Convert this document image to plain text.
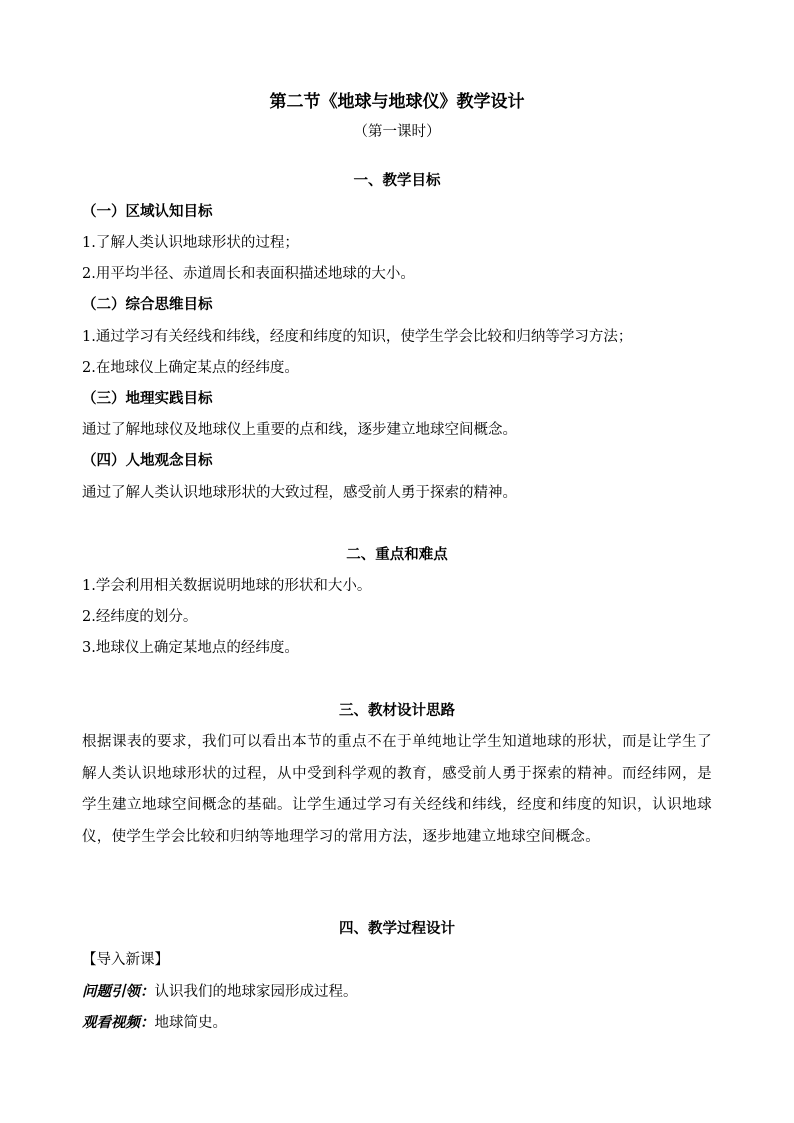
第二节《地球与地球仪》教学设计
（第一课时）
一、教学目标
（一）区域认知目标
1.了解人类认识地球形状的过程；
2.用平均半径、赤道周长和表面积描述地球的大小。
（二）综合思维目标
1.通过学习有关经线和纬线，经度和纬度的知识，使学生学会比较和归纳等学习方法；
2.在地球仪上确定某点的经纬度。
（三）地理实践目标
通过了解地球仪及地球仪上重要的点和线，逐步建立地球空间概念。
（四）人地观念目标
通过了解人类认识地球形状的大致过程，感受前人勇于探索的精神。
二、重点和难点
1.学会利用相关数据说明地球的形状和大小。
2.经纬度的划分。
3.地球仪上确定某地点的经纬度。
三、教材设计思路
根据课表的要求，我们可以看出本节的重点不在于单纯地让学生知道地球的形状，而是让学生了解人类认识地球形状的过程，从中受到科学观的教育，感受前人勇于探索的精神。而经纬网，是学生建立地球空间概念的基础。让学生通过学习有关经线和纬线，经度和纬度的知识，认识地球仪，使学生学会比较和归纳等地理学习的常用方法，逐步地建立地球空间概念。
四、教学过程设计
【导入新课】
问题引领：认识我们的地球家园形成过程。
观看视频：地球简史。
